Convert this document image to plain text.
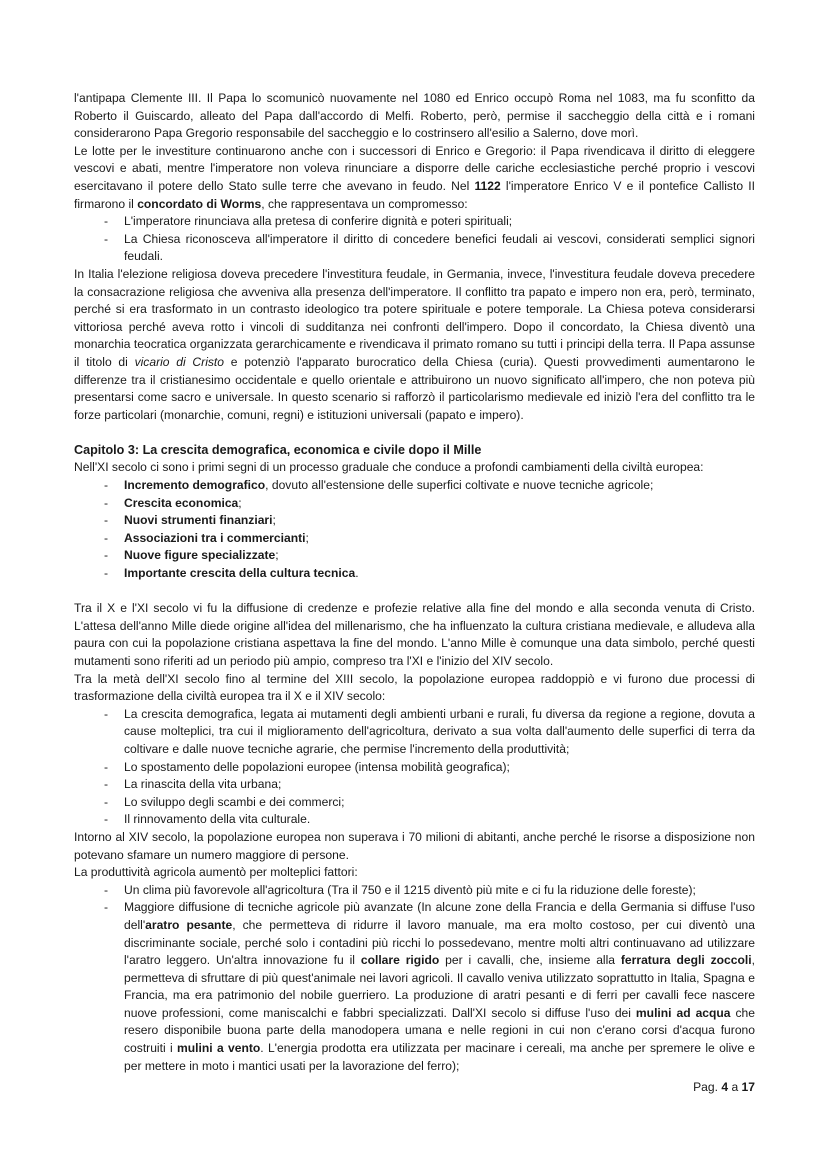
l'antipapa Clemente III. Il Papa lo scomunicò nuovamente nel 1080 ed Enrico occupò Roma nel 1083, ma fu sconfitto da Roberto il Guiscardo, alleato del Papa dall'accordo di Melfi. Roberto, però, permise il saccheggio della città e i romani considerarono Papa Gregorio responsabile del saccheggio e lo costrinsero all'esilio a Salerno, dove morì.

Le lotte per le investiture continuarono anche con i successori di Enrico e Gregorio: il Papa rivendicava il diritto di eleggere vescovi e abati, mentre l'imperatore non voleva rinunciare a disporre delle cariche ecclesiastiche perché proprio i vescovi esercitavano il potere dello Stato sulle terre che avevano in feudo. Nel 1122 l'imperatore Enrico V e il pontefice Callisto II firmarono il concordato di Worms, che rappresentava un compromesso:

- L'imperatore rinunciava alla pretesa di conferire dignità e poteri spirituali;
- La Chiesa riconosceva all'imperatore il diritto di concedere benefici feudali ai vescovi, considerati semplici signori feudali.

In Italia l'elezione religiosa doveva precedere l'investitura feudale, in Germania, invece, l'investitura feudale doveva precedere la consacrazione religiosa che avveniva alla presenza dell'imperatore. Il conflitto tra papato e impero non era, però, terminato, perché si era trasformato in un contrasto ideologico tra potere spirituale e potere temporale. La Chiesa poteva considerarsi vittoriosa perché aveva rotto i vincoli di sudditanza nei confronti dell'impero. Dopo il concordato, la Chiesa diventò una monarchia teocratica organizzata gerarchicamente e rivendicava il primato romano su tutti i principi della terra. Il Papa assunse il titolo di vicario di Cristo e potenziò l'apparato burocratico della Chiesa (curia). Questi provvedimenti aumentarono le differenze tra il cristianesimo occidentale e quello orientale e attribuirono un nuovo significato all'impero, che non poteva più presentarsi come sacro e universale. In questo scenario si rafforzò il particolarismo medievale ed iniziò l'era del conflitto tra le forze particolari (monarchie, comuni, regni) e istituzioni universali (papato e impero).

Capitolo 3: La crescita demografica, economica e civile dopo il Mille

Nell'XI secolo ci sono i primi segni di un processo graduale che conduce a profondi cambiamenti della civiltà europea:

- Incremento demografico, dovuto all'estensione delle superfici coltivate e nuove tecniche agricole;
- Crescita economica;
- Nuovi strumenti finanziari;
- Associazioni tra i commercianti;
- Nuove figure specializzate;
- Importante crescita della cultura tecnica.

Tra il X e l'XI secolo vi fu la diffusione di credenze e profezie relative alla fine del mondo e alla seconda venuta di Cristo. L'attesa dell'anno Mille diede origine all'idea del millenarismo, che ha influenzato la cultura cristiana medievale, e alludeva alla paura con cui la popolazione cristiana aspettava la fine del mondo. L'anno Mille è comunque una data simbolo, perché questi mutamenti sono riferiti ad un periodo più ampio, compreso tra l'XI e l'inizio del XIV secolo.

Tra la metà dell'XI secolo fino al termine del XIII secolo, la popolazione europea raddoppiò e vi furono due processi di trasformazione della civiltà europea tra il X e il XIV secolo:

- La crescita demografica, legata ai mutamenti degli ambienti urbani e rurali, fu diversa da regione a regione, dovuta a cause molteplici, tra cui il miglioramento dell'agricoltura, derivato a sua volta dall'aumento delle superfici di terra da coltivare e dalle nuove tecniche agrarie, che permise l'incremento della produttività;
- Lo spostamento delle popolazioni europee (intensa mobilità geografica);
- La rinascita della vita urbana;
- Lo sviluppo degli scambi e dei commerci;
- Il rinnovamento della vita culturale.

Intorno al XIV secolo, la popolazione europea non superava i 70 milioni di abitanti, anche perché le risorse a disposizione non potevano sfamare un numero maggiore di persone.

La produttività agricola aumentò per molteplici fattori:

- Un clima più favorevole all'agricoltura (Tra il 750 e il 1215 diventò più mite e ci fu la riduzione delle foreste);
- Maggiore diffusione di tecniche agricole più avanzate (In alcune zone della Francia e della Germania si diffuse l'uso dell'aratro pesante, che permetteva di ridurre il lavoro manuale, ma era molto costoso, per cui diventò una discriminante sociale, perché solo i contadini più ricchi lo possedevano, mentre molti altri continuavano ad utilizzare l'aratro leggero. Un'altra innovazione fu il collare rigido per i cavalli, che, insieme alla ferratura degli zoccoli, permetteva di sfruttare di più quest'animale nei lavori agricoli. Il cavallo veniva utilizzato soprattutto in Italia, Spagna e Francia, ma era patrimonio del nobile guerriero. La produzione di aratri pesanti e di ferri per cavalli fece nascere nuove professioni, come maniscalchi e fabbri specializzati. Dall'XI secolo si diffuse l'uso dei mulini ad acqua che resero disponibile buona parte della manodopera umana e nelle regioni in cui non c'erano corsi d'acqua furono costruiti i mulini a vento. L'energia prodotta era utilizzata per macinare i cereali, ma anche per spremere le olive e per mettere in moto i mantici usati per la lavorazione del ferro);
Pag. 4 a 17
